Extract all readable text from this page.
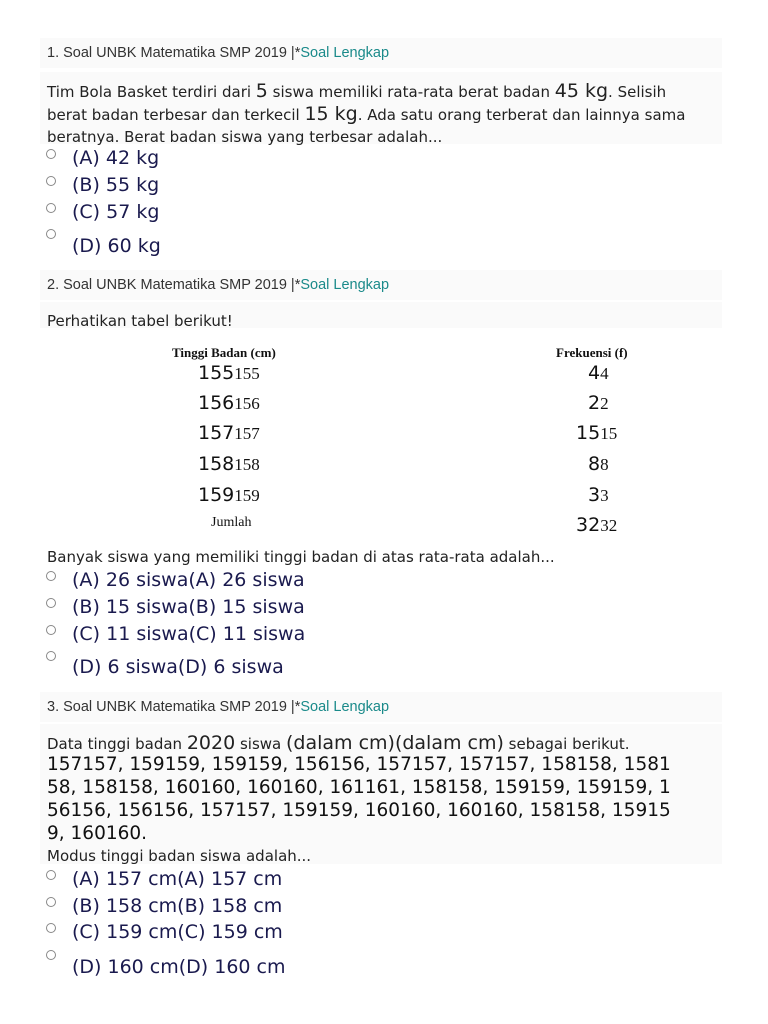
1. Soal UNBK Matematika SMP 2019 |*Soal Lengkap
Tim Bola Basket terdiri dari 5 siswa memiliki rata-rata berat badan 45 kg. Selisih
berat badan terbesar dan terkecil 15 kg. Ada satu orang terberat dan lainnya sama
beratnya. Berat badan siswa yang terbesar adalah...
(A) 42 kg
(B) 55 kg
(C) 57 kg
(D) 60 kg
2. Soal UNBK Matematika SMP 2019 |*Soal Lengkap
Perhatikan tabel berikut!
Tinggi Badan (cm)	Frekuensi (f)
155155	44
156156	22
157157	1515
158158	88
159159	33
Jumlah	3232
Banyak siswa yang memiliki tinggi badan di atas rata-rata adalah...
(A) 26 siswa(A) 26 siswa
(B) 15 siswa(B) 15 siswa
(C) 11 siswa(C) 11 siswa
(D) 6 siswa(D) 6 siswa
3. Soal UNBK Matematika SMP 2019 |*Soal Lengkap
Data tinggi badan 2020 siswa (dalam cm)(dalam cm) sebagai berikut.
157157, 159159, 159159, 156156, 157157, 157157, 158158, 1581
58, 158158, 160160, 160160, 161161, 158158, 159159, 159159, 1
56156, 156156, 157157, 159159, 160160, 160160, 158158, 15915
9, 160160.
Modus tinggi badan siswa adalah...
(A) 157 cm(A) 157 cm
(B) 158 cm(B) 158 cm
(C) 159 cm(C) 159 cm
(D) 160 cm(D) 160 cm
